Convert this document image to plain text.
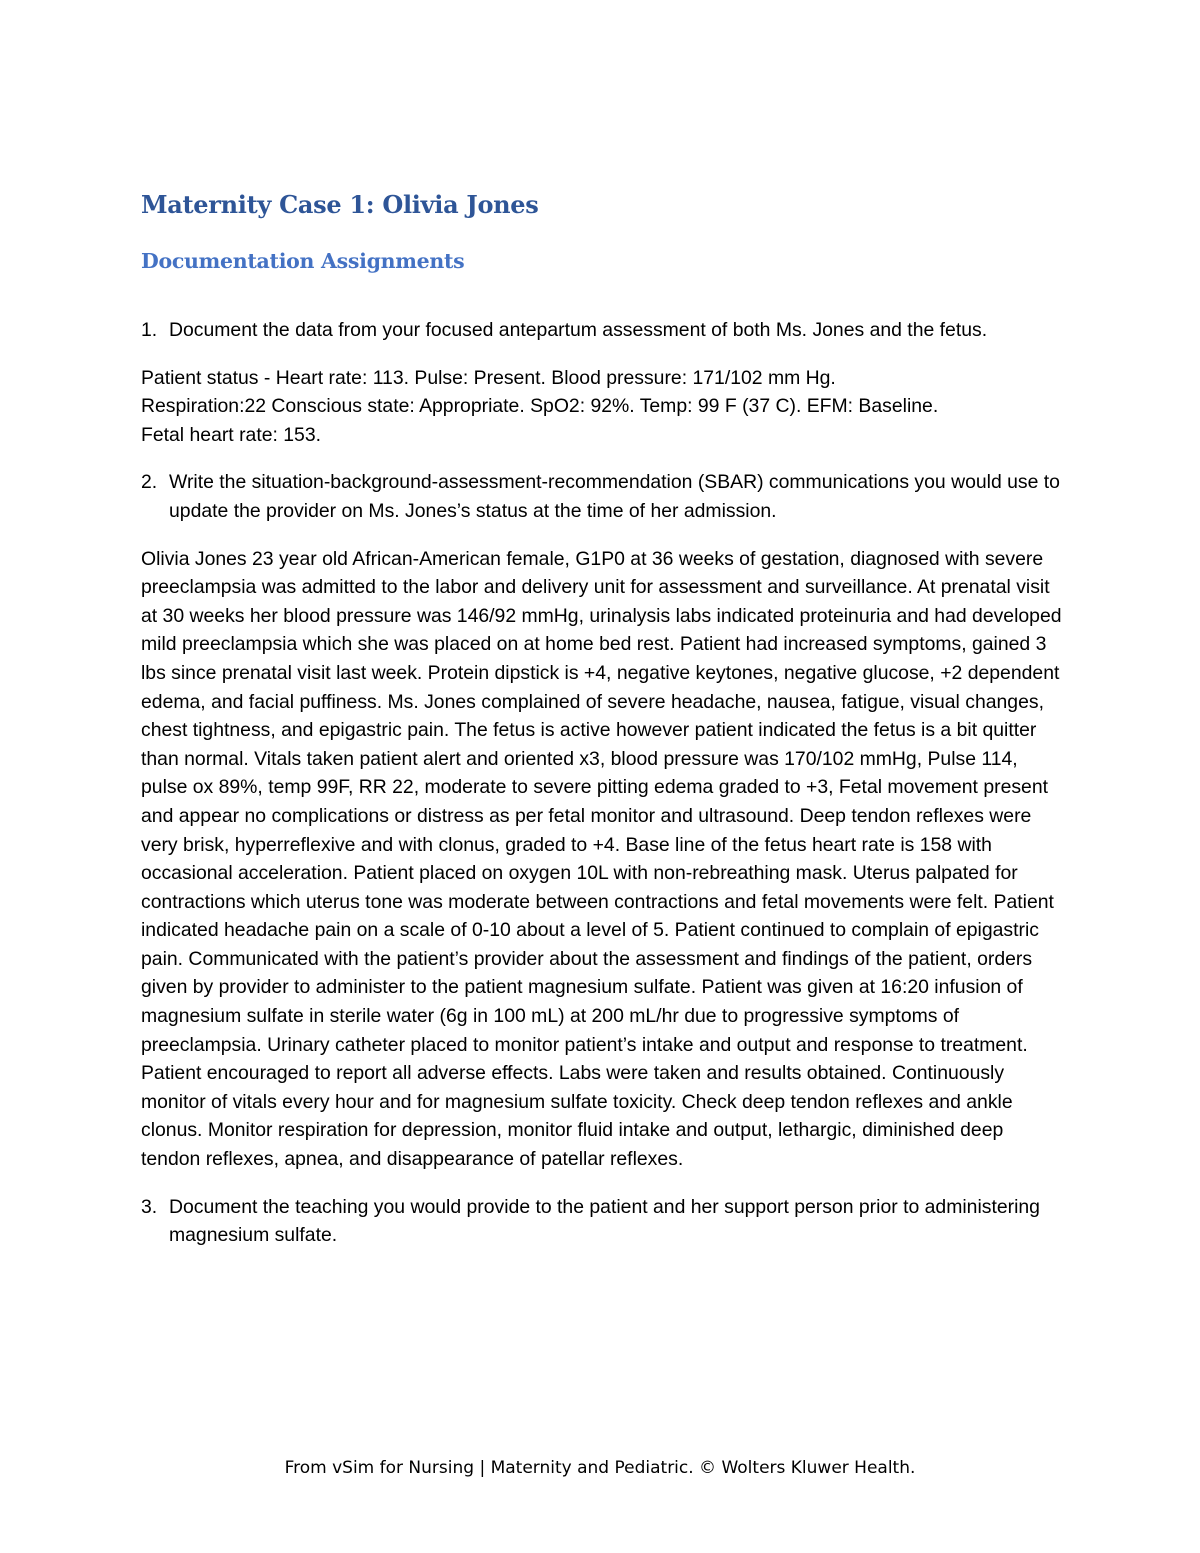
Maternity Case 1: Olivia Jones
Documentation Assignments
1. Document the data from your focused antepartum assessment of both Ms. Jones and the fetus.

Patient status - Heart rate: 113. Pulse: Present. Blood pressure: 171/102 mm Hg.
Respiration:22 Conscious state: Appropriate. SpO2: 92%. Temp: 99 F (37 C). EFM: Baseline.
Fetal heart rate: 153.

2. Write the situation-background-assessment-recommendation (SBAR) communications you would use to update the provider on Ms. Jones’s status at the time of her admission.

Olivia Jones 23 year old African-American female, G1P0 at 36 weeks of gestation, diagnosed with severe preeclampsia was admitted to the labor and delivery unit for assessment and surveillance. At prenatal visit at 30 weeks her blood pressure was 146/92 mmHg, urinalysis labs indicated proteinuria and had developed mild preeclampsia which she was placed on at home bed rest. Patient had increased symptoms, gained 3 lbs since prenatal visit last week. Protein dipstick is +4, negative keytones, negative glucose, +2 dependent edema, and facial puffiness. Ms. Jones complained of severe headache, nausea, fatigue, visual changes, chest tightness, and epigastric pain. The fetus is active however patient indicated the fetus is a bit quitter than normal. Vitals taken patient alert and oriented x3, blood pressure was 170/102 mmHg, Pulse 114, pulse ox 89%, temp 99F, RR 22, moderate to severe pitting edema graded to +3, Fetal movement present and appear no complications or distress as per fetal monitor and ultrasound. Deep tendon reflexes were very brisk, hyperreflexive and with clonus, graded to +4. Base line of the fetus heart rate is 158 with occasional acceleration. Patient placed on oxygen 10L with non-rebreathing mask. Uterus palpated for contractions which uterus tone was moderate between contractions and fetal movements were felt. Patient indicated headache pain on a scale of 0-10 about a level of 5. Patient continued to complain of epigastric pain. Communicated with the patient’s provider about the assessment and findings of the patient, orders given by provider to administer to the patient magnesium sulfate. Patient was given at 16:20 infusion of magnesium sulfate in sterile water (6g in 100 mL) at 200 mL/hr due to progressive symptoms of preeclampsia. Urinary catheter placed to monitor patient’s intake and output and response to treatment. Patient encouraged to report all adverse effects. Labs were taken and results obtained. Continuously monitor of vitals every hour and for magnesium sulfate toxicity. Check deep tendon reflexes and ankle clonus. Monitor respiration for depression, monitor fluid intake and output, lethargic, diminished deep tendon reflexes, apnea, and disappearance of patellar reflexes.

3. Document the teaching you would provide to the patient and her support person prior to administering magnesium sulfate.
From vSim for Nursing | Maternity and Pediatric. © Wolters Kluwer Health.
